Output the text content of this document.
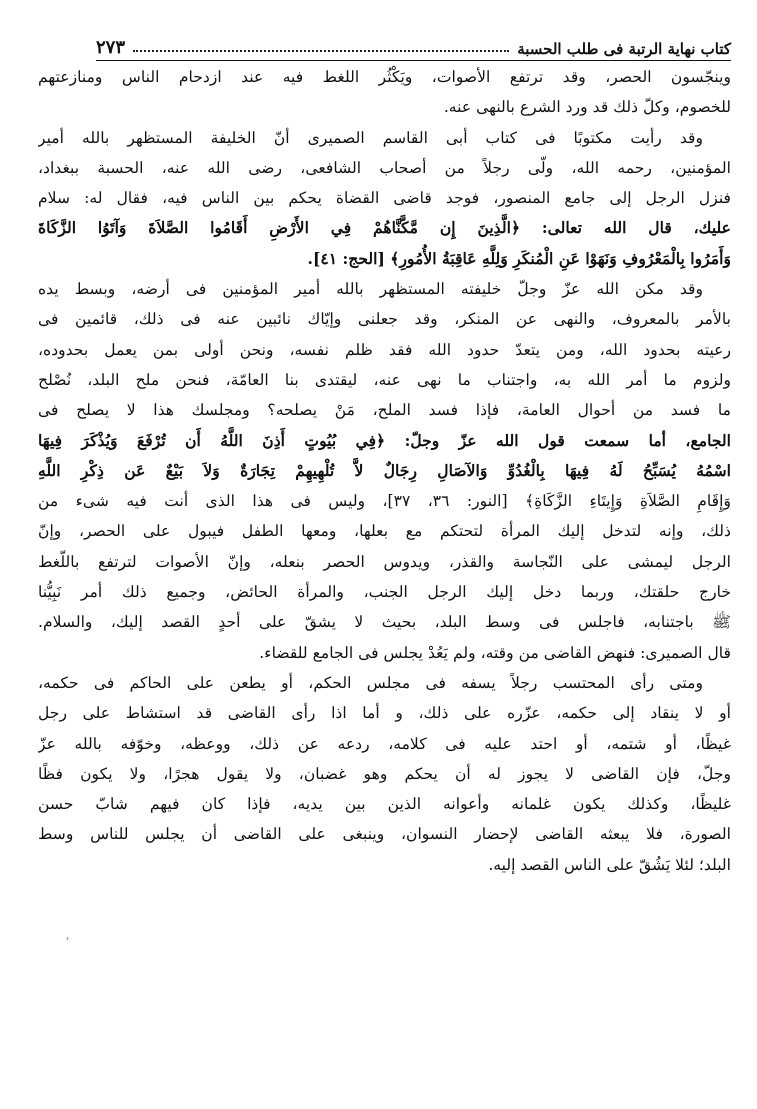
كتاب نهاية الرتبة فى طلب الحسبة
٢٧٣
وينجّسون الحصر، وقد ترتفع الأصوات، ويَكْثُر اللغط فيه عند ازدحام الناس ومنازعتهم
للخصوم، وكلّ ذلك قد ورد الشرع بالنهى عنه.
وقد رأيت مكتوبًا فى كتاب أبى القاسم الصميرى أنّ الخليفة المستظهر بالله أمير
المؤمنين، رحمه الله، ولّى رجلاً من أصحاب الشافعى، رضى الله عنه، الحسبة ببغداد،
فنزل الرجل إلى جامع المنصور، فوجد قاضى القضاة يحكم بين الناس فيه، فقال له: سلام
عليك، قال الله تعالى: ﴿الَّذِينَ إِن مَّكَّنَّاهُمْ فِي الأَرْضِ أَقَامُوا الصَّلاَةَ وَآتَوُا الزَّكَاةَ
وَأَمَرُوا بِالْمَعْرُوفِ وَنَهَوْا عَنِ الْمُنكَرِ وَلِلَّهِ عَاقِبَةُ الأُمُورِ﴾ [الحج: ٤١].
وقد مكن الله عزّ وجلّ خليفته المستظهر بالله أمير المؤمنين فى أرضه، وبسط يده
بالأمر بالمعروف، والنهى عن المنكر، وقد جعلنى وإيّاك نائبين عنه فى ذلك، قائمين فى
رعيته بحدود الله، ومن يتعدّ حدود الله فقد ظلم نفسه، ونحن أولى بمن يعمل بحدوده،
ولزوم ما أمر الله به، واجتناب ما نهى عنه، ليقتدى بنا العامّة، فنحن ملح البلد، نُصْلح
ما فسد من أحوال العامة، فإذا فسد الملح، مَنْ يصلحه؟ ومجلسك هذا لا يصلح فى
الجامع، أما سمعت قول الله عزّ وجلّ: ﴿فِي بُيُوتٍ أَذِنَ اللَّهُ أَن تُرْفَعَ وَيُذْكَرَ فِيهَا
اسْمُهُ يُسَبِّحُ لَهُ فِيهَا بِالْغُدُوِّ وَالآصَالِ رِجَالٌ لاَّ تُلْهِيهِمْ تِجَارَةٌ وَلاَ بَيْعٌ عَن ذِكْرِ اللَّهِ
وَإِقَامِ الصَّلاَةِ وَإِيتَاءِ الزَّكَاةِ﴾ [النور: ٣٦، ٣٧]، وليس فى هذا الذى أنت فيه شىء من
ذلك، وإنه لتدخل إليك المرأة لتحتكم مع بعلها، ومعها الطفل فيبول على الحصر، وإنّ
الرجل ليمشى على النّجاسة والقذر، ويدوس الحصر بنعله، وإنّ الأصوات لترتفع باللّغط
خارج حلقتك، وربما دخل إليك الرجل الجنب، والمرأة الحائض، وجميع ذلك أمر نَبِيُّنا
ﷺ باجتنابه، فاجلس فى وسط البلد، بحيث لا يشقّ على أحدٍ القصد إليك، والسلام.
قال الصميرى: فنهض القاضى من وقته، ولم يَعُدْ يجلس فى الجامع للقضاء.
ومتى رأى المحتسب رجلاً يسفه فى مجلس الحكم، أو يطعن على الحاكم فى حكمه،
أو لا ينقاد إلى حكمه، عزّره على ذلك، و أما اذا رأى القاضى قد استشاط على رجل
غيظًا، أو شتمه، أو احتد عليه فى كلامه، ردعه عن ذلك، ووعظه، وخوّفه بالله عزّ
وجلّ، فإن القاضى لا يجوز له أن يحكم وهو غضبان، ولا يقول هجرًا، ولا يكون فظًا
غليظًا، وكذلك يكون غلمانه وأعوانه الذين بين يديه، فإذا كان فيهم شابّ حسن
الصورة، فلا يبعثه القاضى لإحضار النسوان، وينبغى على القاضى أن يجلس للناس وسط
البلد؛ لئلا يَشُقّ على الناس القصد إليه.
ʾ
